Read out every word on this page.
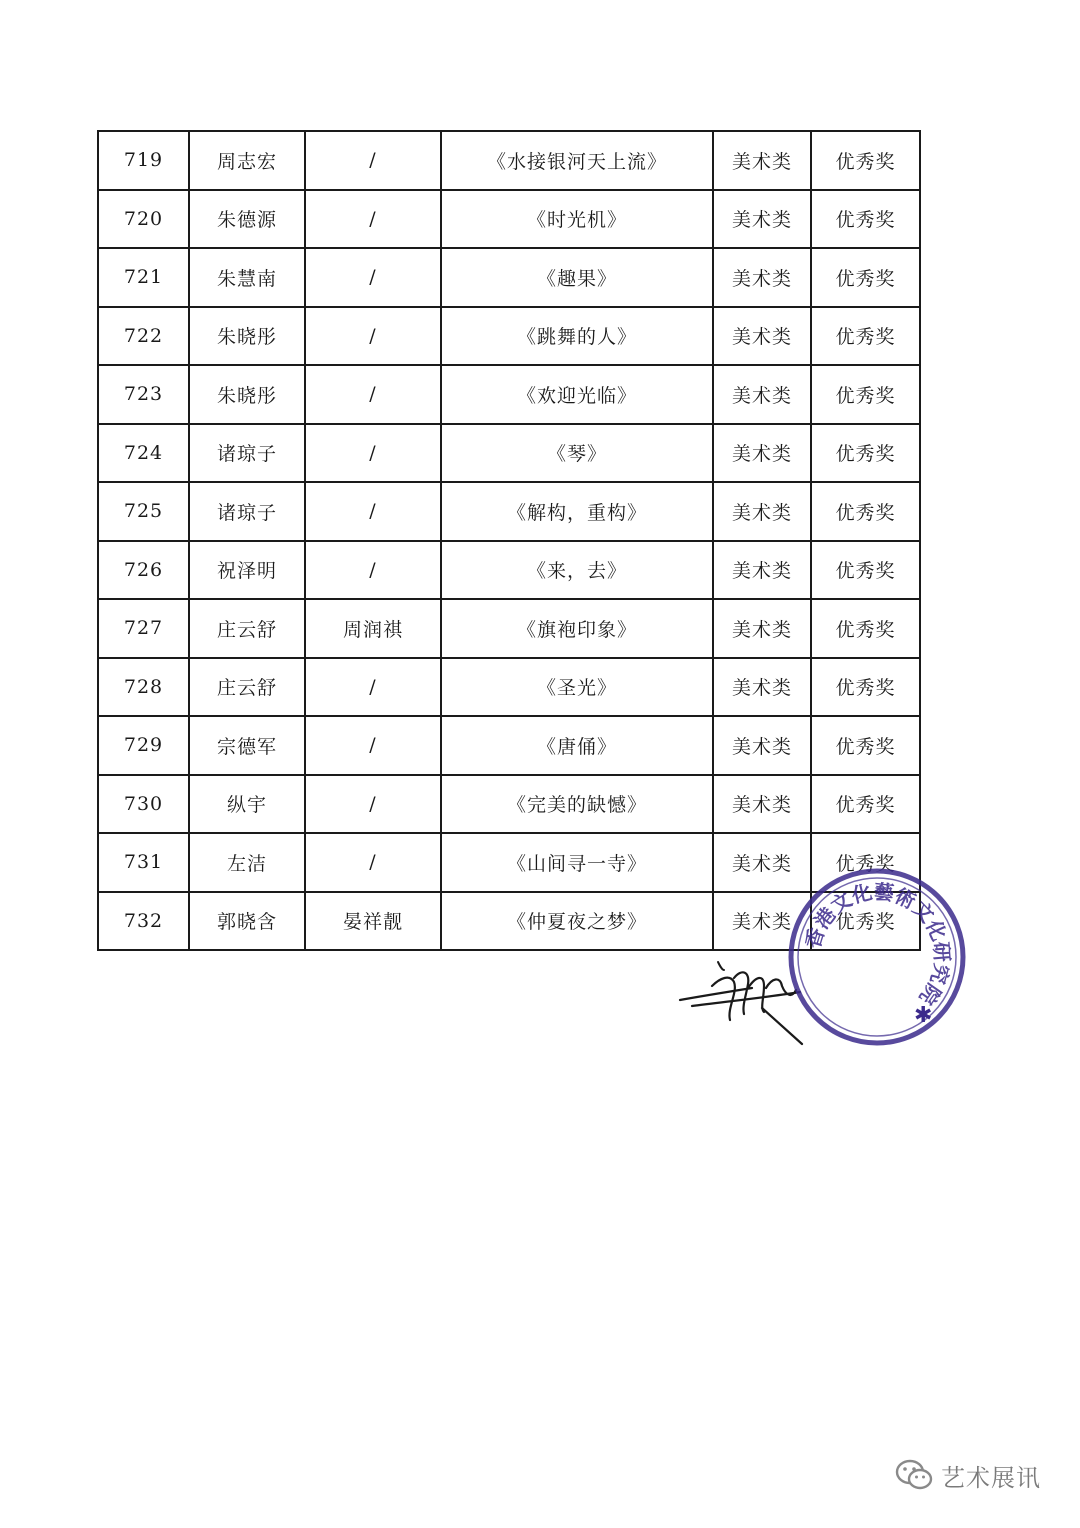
719	周志宏	/	《水接银河天上流》	美术类	优秀奖
720	朱德源	/	《时光机》	美术类	优秀奖
721	朱慧南	/	《趣果》	美术类	优秀奖
722	朱晓彤	/	《跳舞的人》	美术类	优秀奖
723	朱晓彤	/	《欢迎光临》	美术类	优秀奖
724	诸琼子	/	《琴》	美术类	优秀奖
725	诸琼子	/	《解构，重构》	美术类	优秀奖
726	祝泽明	/	《来，去》	美术类	优秀奖
727	庄云舒	周润祺	《旗袍印象》	美术类	优秀奖
728	庄云舒	/	《圣光》	美术类	优秀奖
729	宗德军	/	《唐俑》	美术类	优秀奖
730	纵宇	/	《完美的缺憾》	美术类	优秀奖
731	左洁	/	《山间寻一寺》	美术类	优秀奖
732	郭晓含	晏祥靓	《仲夏夜之梦》	美术类	优秀奖
香港文化藝術文化研究院
✱
艺术展讯
